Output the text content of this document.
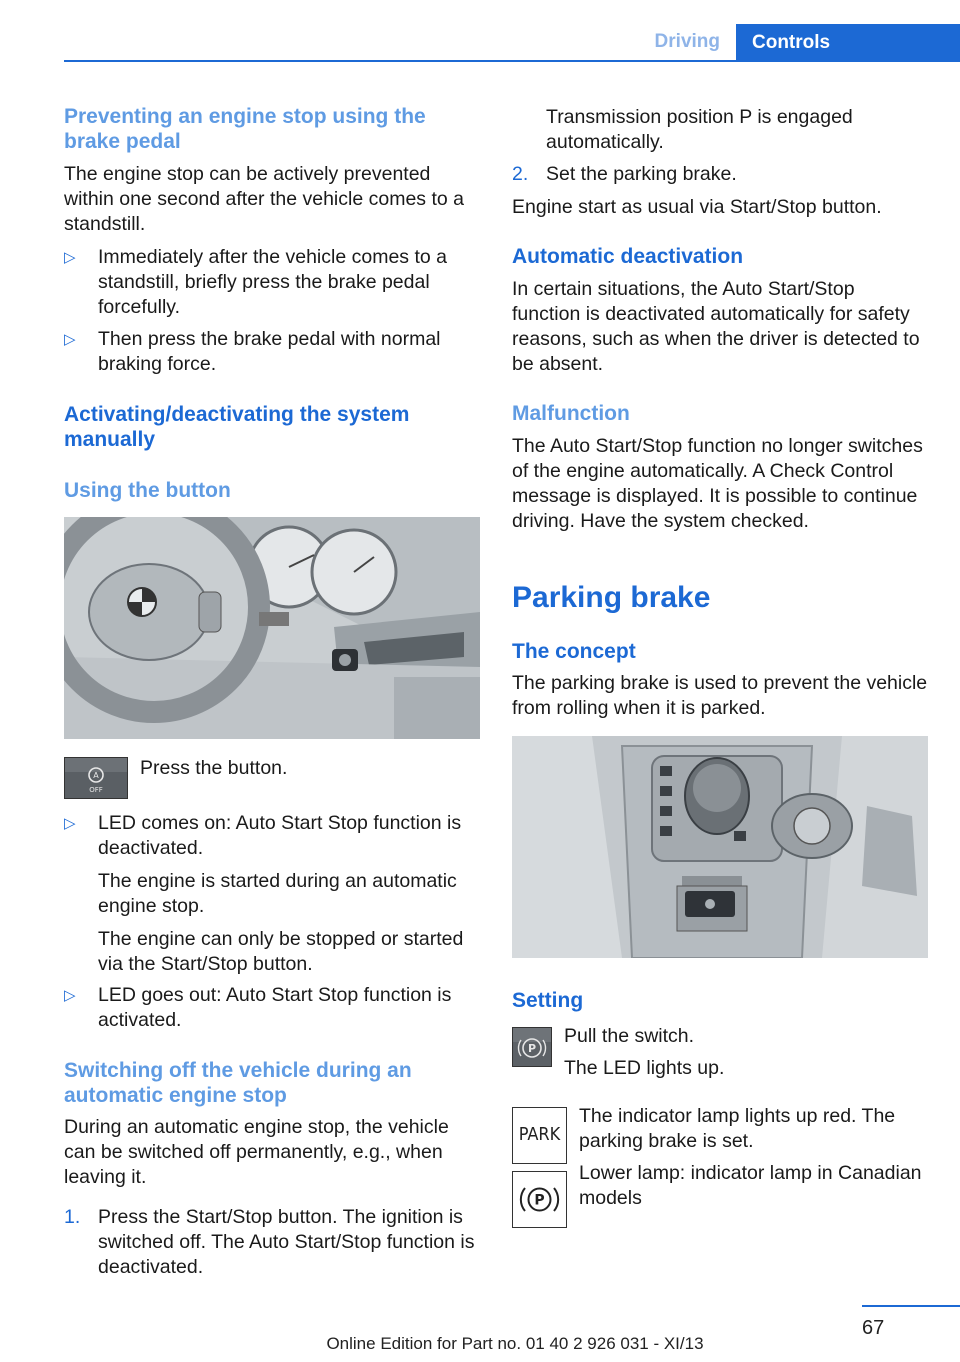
Driving	Controls
Preventing an engine stop using the brake pedal

The engine stop can be actively prevented within one second after the vehicle comes to a standstill.

▷ Immediately after the vehicle comes to a standstill, briefly press the brake pedal forcefully.
▷ Then press the brake pedal with normal braking force.
Activating/deactivating the system manually
Using the button
A
OFF

Press the button.

▷ LED comes on: Auto Start Stop function is deactivated.
The engine is started during an automatic engine stop.
The engine can only be stopped or started via the Start/Stop button.
▷ LED goes out: Auto Start Stop function is activated.
Switching off the vehicle during an automatic engine stop

During an automatic engine stop, the vehicle can be switched off permanently, e.g., when leaving it.

1. Press the Start/Stop button. The ignition is switched off. The Auto Start/Stop function is deactivated.

Transmission position P is engaged automatically.

2. Set the parking brake.

Engine start as usual via Start/Stop button.

Automatic deactivation

In certain situations, the Auto Start/Stop function is deactivated automatically for safety reasons, such as when the driver is detected to be absent.

Malfunction

The Auto Start/Stop function no longer switches of the engine automatically. A Check Control message is displayed. It is possible to continue driving. Have the system checked.

Parking brake
The concept

The parking brake is used to prevent the vehicle from rolling when it is parked.

Setting
P

Pull the switch.

The LED lights up.

PARK
P

The indicator lamp lights up red. The parking brake is set.

Lower lamp: indicator lamp in Canadian models

67
Online Edition for Part no. 01 40 2 926 031 - XI/13
